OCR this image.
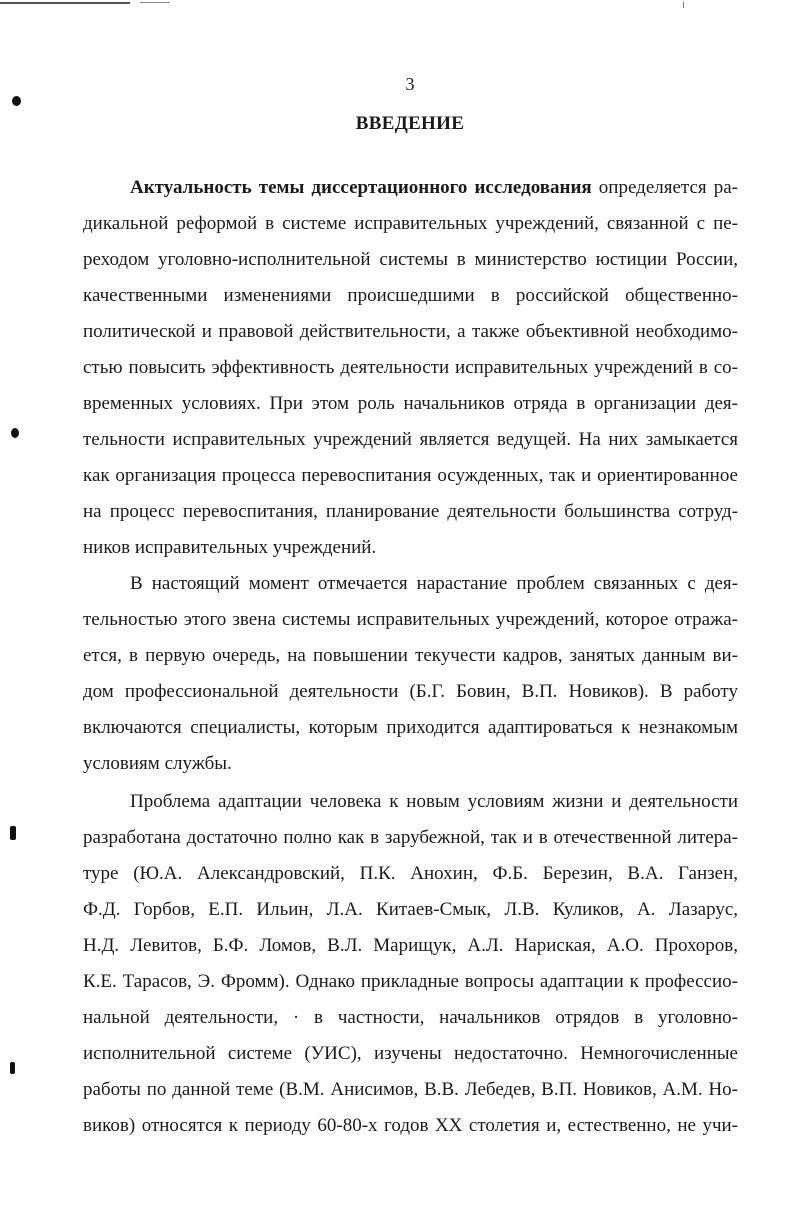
3
ВВЕДЕНИЕ
Актуальность темы диссертационного исследования определяется ра-
дикальной реформой в системе исправительных учреждений, связанной с пе-
реходом уголовно-исполнительной системы в министерство юстиции России,
качественными изменениями происшедшими в российской общественно-
политической и правовой действительности, а также объективной необходимо-
стью повысить эффективность деятельности исправительных учреждений в со-
временных условиях. При этом роль начальников отряда в организации дея-
тельности исправительных учреждений является ведущей. На них замыкается
как организация процесса перевоспитания осужденных, так и ориентированное
на процесс перевоспитания, планирование деятельности большинства сотруд-
ников исправительных учреждений.
В настоящий момент отмечается нарастание проблем связанных с дея-
тельностью этого звена системы исправительных учреждений, которое отража-
ется, в первую очередь, на повышении текучести кадров, занятых данным ви-
дом профессиональной деятельности (Б.Г. Бовин, В.П. Новиков). В работу
включаются специалисты, которым приходится адаптироваться к незнакомым
условиям службы.
Проблема адаптации человека к новым условиям жизни и деятельности
разработана достаточно полно как в зарубежной, так и в отечественной литера-
туре (Ю.А. Александровский, П.К. Анохин, Ф.Б. Березин, В.А. Ганзен,
Ф.Д. Горбов, Е.П. Ильин, Л.А. Китаев-Смык, Л.В. Куликов, А. Лазарус,
Н.Д. Левитов, Б.Ф. Ломов, В.Л. Марищук, А.Л. Нариская, А.О. Прохоров,
К.Е. Тарасов, Э. Фромм). Однако прикладные вопросы адаптации к профессио-
нальной деятельности, · в частности, начальников отрядов в уголовно-
исполнительной системе (УИС), изучены недостаточно. Немногочисленные
работы по данной теме (В.М. Анисимов, В.В. Лебедев, В.П. Новиков, А.М. Но-
виков) относятся к периоду 60-80-х годов XX столетия и, естественно, не учи-
